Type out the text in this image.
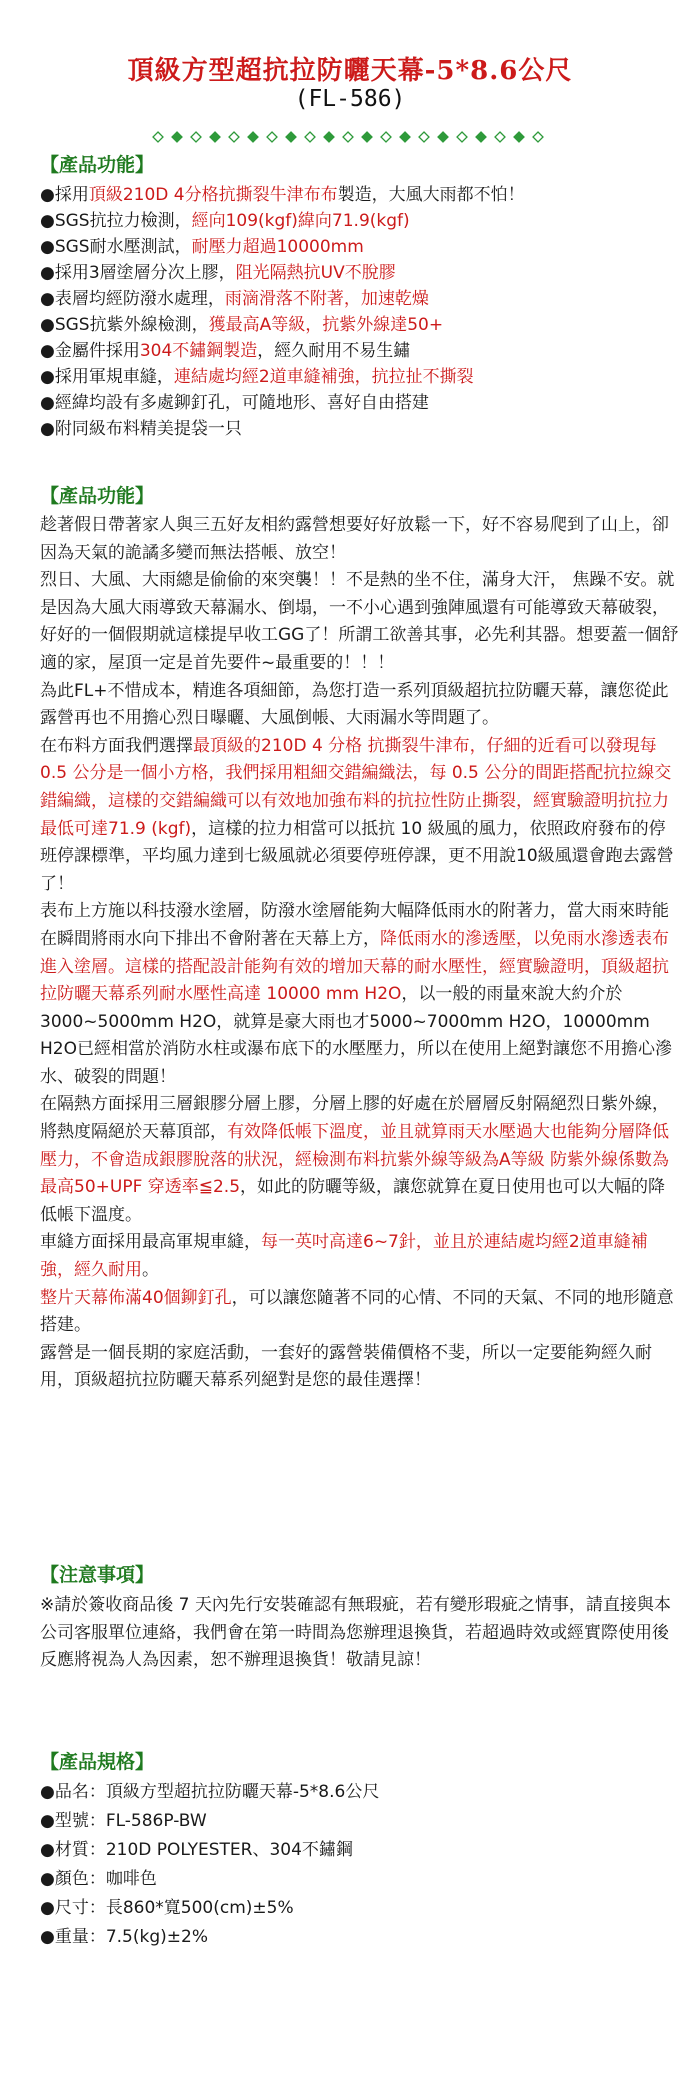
頂級方型超抗拉防曬天幕-5*8.6公尺
(FL-586)
【產品功能】
●採用頂級210D 4分格抗撕裂牛津布布製造，大風大雨都不怕！
●SGS抗拉力檢測，經向109(kgf)緯向71.9(kgf)
●SGS耐水壓測試，耐壓力超過10000mm
●採用3層塗層分次上膠，阻光隔熱抗UV不脫膠
●表層均經防潑水處理，雨滴滑落不附著，加速乾燥
●SGS抗紫外線檢測，獲最高A等級，抗紫外線達50+
●金屬件採用304不鏽鋼製造，經久耐用不易生鏽
●採用軍規車縫，連結處均經2道車縫補強，抗拉扯不撕裂
●經緯均設有多處鉚釘孔，可隨地形、喜好自由搭建
●附同級布料精美提袋一只
【產品功能】

趁著假日帶著家人與三五好友相約露營想要好好放鬆一下，好不容易爬到了山上，卻因為天氣的詭譎多變而無法搭帳、放空！

烈日、大風、大雨總是偷偷的來突襲！！不是熱的坐不住，滿身大汗， 焦躁不安。就是因為大風大雨導致天幕漏水、倒塌，一不小心遇到強陣風還有可能導致天幕破裂，好好的一個假期就這樣提早收工GG了！所謂工欲善其事，必先利其器。想要蓋一個舒適的家，屋頂一定是首先要件~最重要的！！！

為此FL+不惜成本，精進各項細節，為您打造一系列頂級超抗拉防曬天幕，讓您從此露營再也不用擔心烈日曝曬、大風倒帳、大雨漏水等問題了。

在布料方面我們選擇最頂級的210D 4 分格 抗撕裂牛津布，仔細的近看可以發現每 0.5 公分是一個小方格，我們採用粗細交錯編織法，每 0.5 公分的間距搭配抗拉線交錯編織，這樣的交錯編織可以有效地加強布料的抗拉性防止撕裂，經實驗證明抗拉力最低可達71.9 (kgf)，這樣的拉力相當可以抵抗 10 級風的風力，依照政府發布的停班停課標準，平均風力達到七級風就必須要停班停課，更不用說10級風還會跑去露營了！

表布上方施以科技潑水塗層，防潑水塗層能夠大幅降低雨水的附著力，當大雨來時能在瞬間將雨水向下排出不會附著在天幕上方，降低雨水的滲透壓，以免雨水滲透表布進入塗層。這樣的搭配設計能夠有效的增加天幕的耐水壓性，經實驗證明，頂級超抗拉防曬天幕系列耐水壓性高達 10000 mm H2O，以一般的雨量來說大約介於3000~5000mm H2O，就算是豪大雨也才5000~7000mm H2O，10000mm H2O已經相當於消防水柱或瀑布底下的水壓壓力，所以在使用上絕對讓您不用擔心滲水、破裂的問題！

在隔熱方面採用三層銀膠分層上膠，分層上膠的好處在於層層反射隔絕烈日紫外線，將熱度隔絕於天幕頂部，有效降低帳下溫度，並且就算雨天水壓過大也能夠分層降低壓力，不會造成銀膠脫落的狀況，經檢測布料抗紫外線等級為A等級 防紫外線係數為最高50+UPF 穿透率≦2.5，如此的防曬等級，讓您就算在夏日使用也可以大幅的降低帳下溫度。

車縫方面採用最高軍規車縫，每一英吋高達6~7針，並且於連結處均經2道車縫補強，經久耐用。

整片天幕佈滿40個鉚釘孔，可以讓您隨著不同的心情、不同的天氣、不同的地形隨意搭建。

露營是一個長期的家庭活動，一套好的露營裝備價格不斐，所以一定要能夠經久耐用，頂級超抗拉防曬天幕系列絕對是您的最佳選擇！

【注意事項】

※請於簽收商品後 7 天內先行安裝確認有無瑕疵，若有變形瑕疵之情事，請直接與本公司客服單位連絡，我們會在第一時間為您辦理退換貨，若超過時效或經實際使用後反應將視為人為因素，恕不辦理退換貨！敬請見諒！

【產品規格】
●品名：頂級方型超抗拉防曬天幕-5*8.6公尺
●型號：FL-586P-BW
●材質：210D POLYESTER、304不鏽鋼
●顏色：咖啡色
●尺寸：長860*寬500(cm)±5%
●重量：7.5(kg)±2%
